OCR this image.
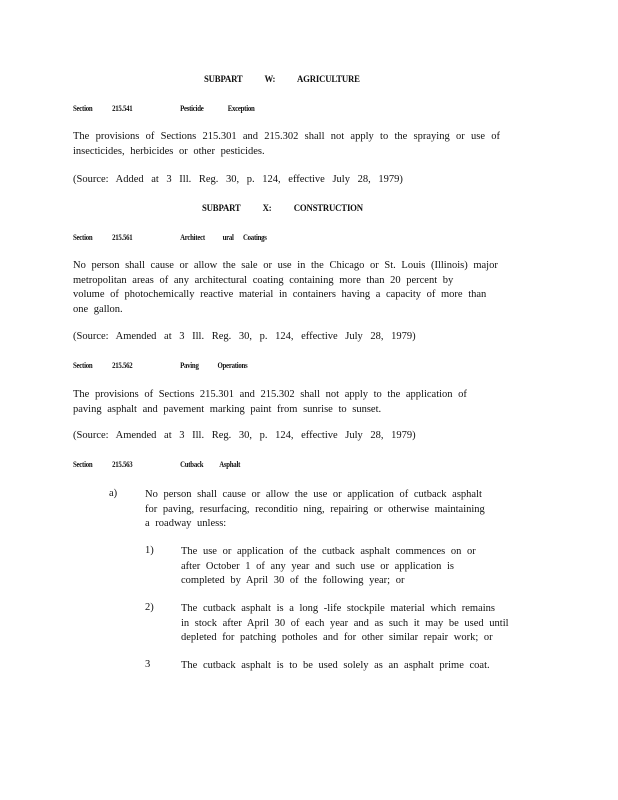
SUBPART W: AGRICULTURE
Section 215.541	Pesticide	Exception
The provisions of Sections 215.301 and 215.302 shall not apply to the spraying or use of
insecticides, herbicides or other pesticides.
(Source: Added at 3 Ill. Reg. 30, p. 124, effective July 28, 1979)
SUBPART X: CONSTRUCTION
Section 215.561	Architect ural Coatings
No person shall cause or allow the sale or use in the Chicago or St. Louis (Illinois) major
metropolitan areas of any architectural coating containing more than 20 percent by
volume of photochemically reactive material in containers having a capacity of more than
one gallon.
(Source: Amended at 3 Ill. Reg. 30, p. 124, effective July 28, 1979)
Section 215.562	Paving Operations
The provisions of Sections 215.301 and 215.302 shall not apply to the application of
paving asphalt and pavement marking paint from sunrise to sunset.
(Source: Amended at 3 Ill. Reg. 30, p. 124, effective July 28, 1979)
Section 215.563	Cutback Asphalt
a)	No person shall cause or allow the use or application of cutback asphalt
for paving, resurfacing, reconditio ning, repairing or otherwise maintaining
a roadway unless:
1)	The use or application of the cutback asphalt commences on or
after October 1 of any year and such use or application is
completed by April 30 of the following year; or
2)	The cutback asphalt is a long -life stockpile material which remains
in stock after April 30 of each year and as such it may be used until
depleted for patching potholes and for other similar repair work; or
3	The cutback asphalt is to be used solely as an asphalt prime coat.
